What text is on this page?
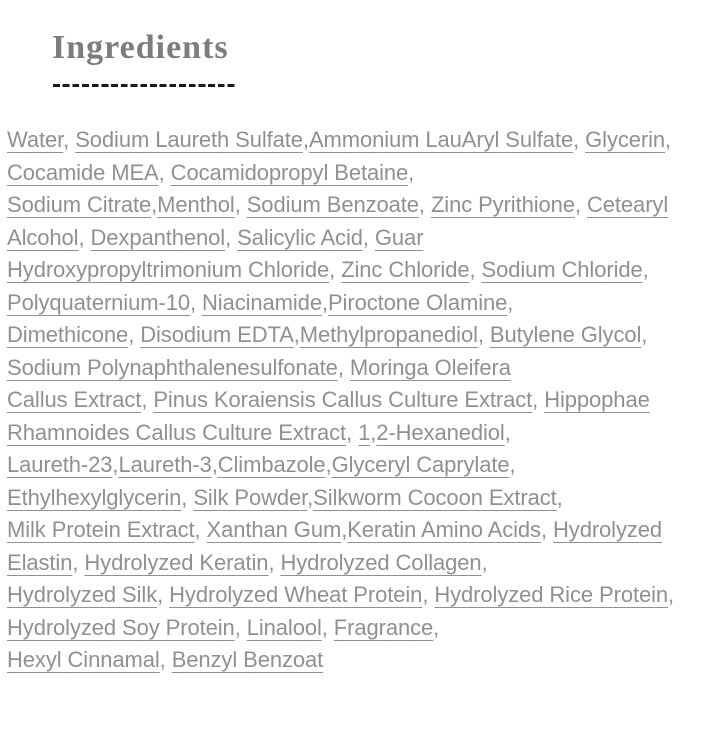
Ingredients
Water, Sodium Laureth Sulfate,Ammonium LauAryl Sulfate, Glycerin,
Cocamide MEA, Cocamidopropyl Betaine,
Sodium Citrate,Menthol, Sodium Benzoate, Zinc Pyrithione, Cetearyl
Alcohol, Dexpanthenol, Salicylic Acid, Guar
Hydroxypropyltrimonium Chloride, Zinc Chloride, Sodium Chloride,
Polyquaternium-10, Niacinamide,Piroctone Olamine,
Dimethicone, Disodium EDTA,Methylpropanediol, Butylene Glycol,
Sodium Polynaphthalenesulfonate, Moringa Oleifera
Callus Extract, Pinus Koraiensis Callus Culture Extract, Hippophae
Rhamnoides Callus Culture Extract, 1,2-Hexanediol,
Laureth-23,Laureth-3,Climbazole,Glyceryl Caprylate,
Ethylhexylglycerin, Silk Powder,Silkworm Cocoon Extract,
Milk Protein Extract, Xanthan Gum,Keratin Amino Acids, Hydrolyzed
Elastin, Hydrolyzed Keratin, Hydrolyzed Collagen,
Hydrolyzed Silk, Hydrolyzed Wheat Protein, Hydrolyzed Rice Protein,
Hydrolyzed Soy Protein, Linalool, Fragrance,
Hexyl Cinnamal, Benzyl Benzoat
